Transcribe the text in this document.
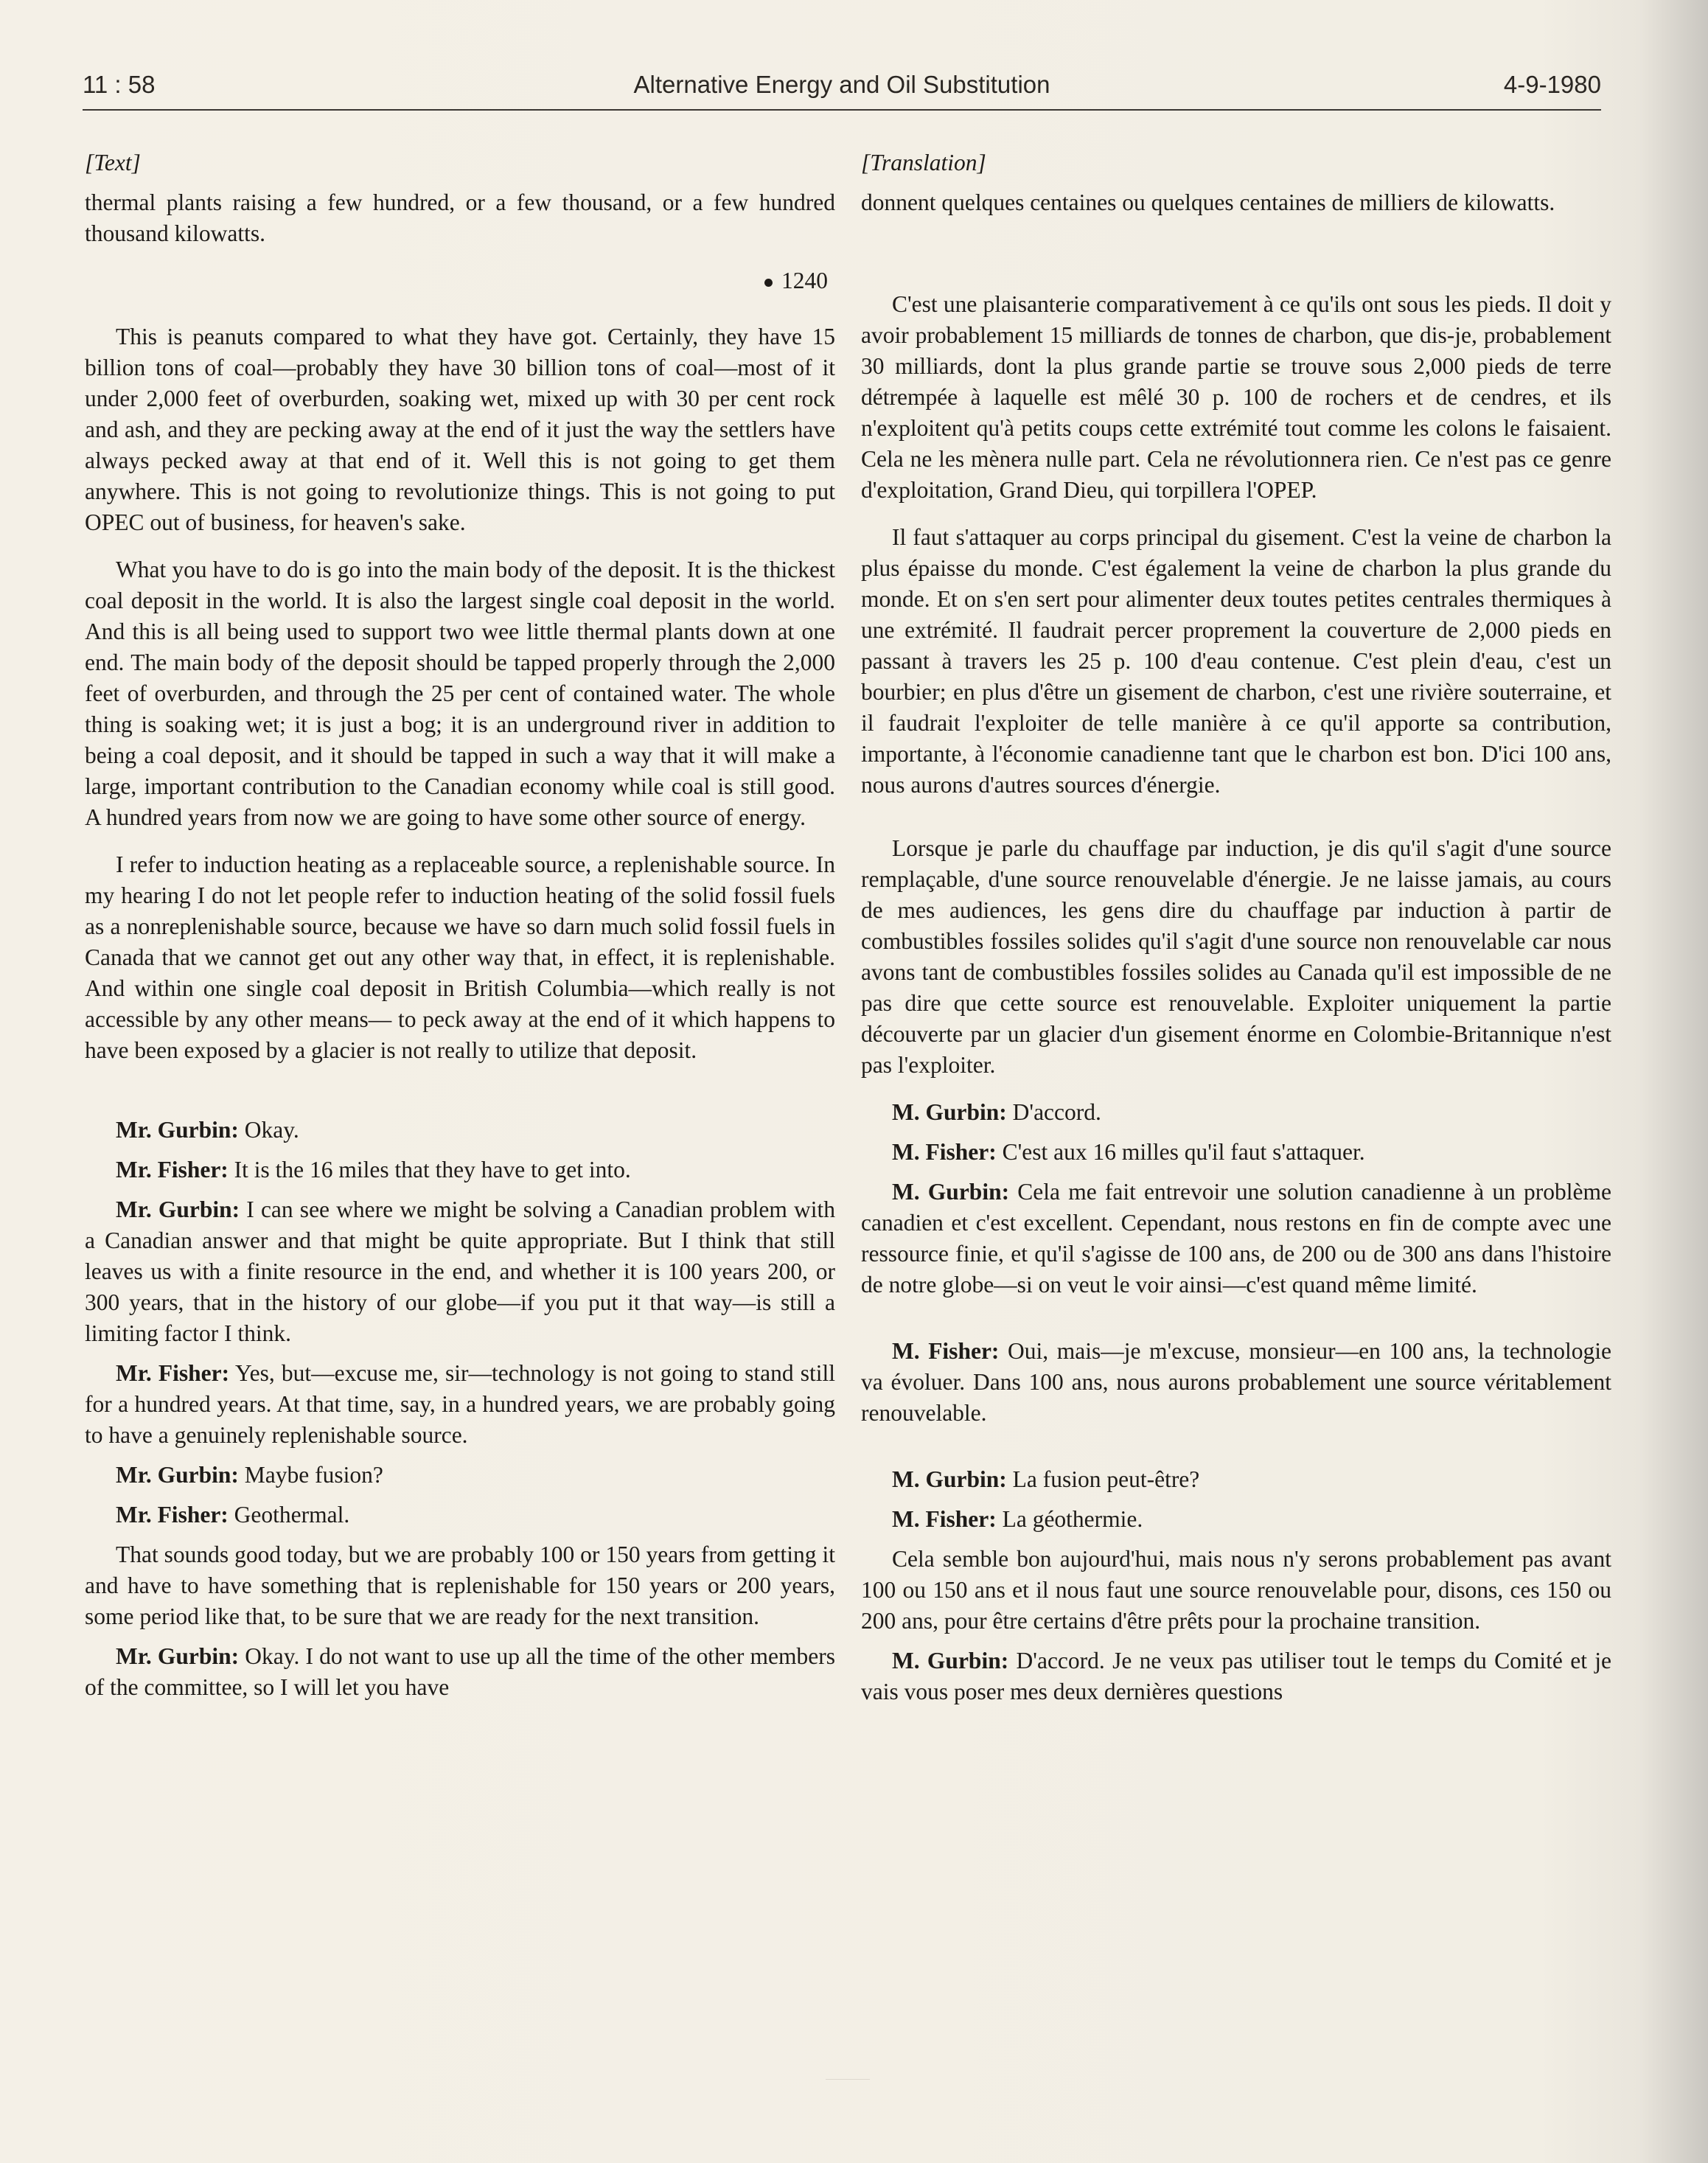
11 : 58	Alternative Energy and Oil Substitution	4-9-1980

[Text]

thermal plants raising a few hundred, or a few thousand, or a few hundred thousand kilowatts.

1240

This is peanuts compared to what they have got. Certainly, they have 15 billion tons of coal—probably they have 30 billion tons of coal—most of it under 2,000 feet of overburden, soaking wet, mixed up with 30 per cent rock and ash, and they are pecking away at the end of it just the way the settlers have always pecked away at that end of it. Well this is not going to get them anywhere. This is not going to revolutionize things. This is not going to put OPEC out of business, for heaven's sake.

What you have to do is go into the main body of the deposit. It is the thickest coal deposit in the world. It is also the largest single coal deposit in the world. And this is all being used to support two wee little thermal plants down at one end. The main body of the deposit should be tapped properly through the 2,000 feet of overburden, and through the 25 per cent of contained water. The whole thing is soaking wet; it is just a bog; it is an underground river in addition to being a coal deposit, and it should be tapped in such a way that it will make a large, important contribution to the Canadian economy while coal is still good. A hundred years from now we are going to have some other source of energy.

I refer to induction heating as a replaceable source, a replenishable source. In my hearing I do not let people refer to induction heating of the solid fossil fuels as a nonreplenishable source, because we have so darn much solid fossil fuels in Canada that we cannot get out any other way that, in effect, it is replenishable. And within one single coal deposit in British Columbia—which really is not accessible by any other means— to peck away at the end of it which happens to have been exposed by a glacier is not really to utilize that deposit.

Mr. Gurbin: Okay.

Mr. Fisher: It is the 16 miles that they have to get into.

Mr. Gurbin: I can see where we might be solving a Canadian problem with a Canadian answer and that might be quite appropriate. But I think that still leaves us with a finite resource in the end, and whether it is 100 years 200, or 300 years, that in the history of our globe—if you put it that way—is still a limiting factor I think.

Mr. Fisher: Yes, but—excuse me, sir—technology is not going to stand still for a hundred years. At that time, say, in a hundred years, we are probably going to have a genuinely replenishable source.

Mr. Gurbin: Maybe fusion?

Mr. Fisher: Geothermal.

That sounds good today, but we are probably 100 or 150 years from getting it and have to have something that is replenishable for 150 years or 200 years, some period like that, to be sure that we are ready for the next transition.

Mr. Gurbin: Okay. I do not want to use up all the time of the other members of the committee, so I will let you have

[Translation]

donnent quelques centaines ou quelques centaines de milliers de kilowatts.

C'est une plaisanterie comparativement à ce qu'ils ont sous les pieds. Il doit y avoir probablement 15 milliards de tonnes de charbon, que dis-je, probablement 30 milliards, dont la plus grande partie se trouve sous 2,000 pieds de terre détrempée à laquelle est mêlé 30 p. 100 de rochers et de cendres, et ils n'exploitent qu'à petits coups cette extrémité tout comme les colons le faisaient. Cela ne les mènera nulle part. Cela ne révolutionnera rien. Ce n'est pas ce genre d'exploitation, Grand Dieu, qui torpillera l'OPEP.

Il faut s'attaquer au corps principal du gisement. C'est la veine de charbon la plus épaisse du monde. C'est également la veine de charbon la plus grande du monde. Et on s'en sert pour alimenter deux toutes petites centrales thermiques à une extrémité. Il faudrait percer proprement la couverture de 2,000 pieds en passant à travers les 25 p. 100 d'eau contenue. C'est plein d'eau, c'est un bourbier; en plus d'être un gisement de charbon, c'est une rivière souterraine, et il faudrait l'exploiter de telle manière à ce qu'il apporte sa contribution, importante, à l'économie canadienne tant que le charbon est bon. D'ici 100 ans, nous aurons d'autres sources d'énergie.

Lorsque je parle du chauffage par induction, je dis qu'il s'agit d'une source remplaçable, d'une source renouvelable d'énergie. Je ne laisse jamais, au cours de mes audiences, les gens dire du chauffage par induction à partir de combustibles fossiles solides qu'il s'agit d'une source non renouvelable car nous avons tant de combustibles fossiles solides au Canada qu'il est impossible de ne pas dire que cette source est renouvelable. Exploiter uniquement la partie découverte par un glacier d'un gisement énorme en Colombie-Britannique n'est pas l'exploiter.

M. Gurbin: D'accord.

M. Fisher: C'est aux 16 milles qu'il faut s'attaquer.

M. Gurbin: Cela me fait entrevoir une solution canadienne à un problème canadien et c'est excellent. Cependant, nous restons en fin de compte avec une ressource finie, et qu'il s'agisse de 100 ans, de 200 ou de 300 ans dans l'histoire de notre globe—si on veut le voir ainsi—c'est quand même limité.

M. Fisher: Oui, mais—je m'excuse, monsieur—en 100 ans, la technologie va évoluer. Dans 100 ans, nous aurons probablement une source véritablement renouvelable.

M. Gurbin: La fusion peut-être?

M. Fisher: La géothermie.

Cela semble bon aujourd'hui, mais nous n'y serons probablement pas avant 100 ou 150 ans et il nous faut une source renouvelable pour, disons, ces 150 ou 200 ans, pour être certains d'être prêts pour la prochaine transition.

M. Gurbin: D'accord. Je ne veux pas utiliser tout le temps du Comité et je vais vous poser mes deux dernières questions
